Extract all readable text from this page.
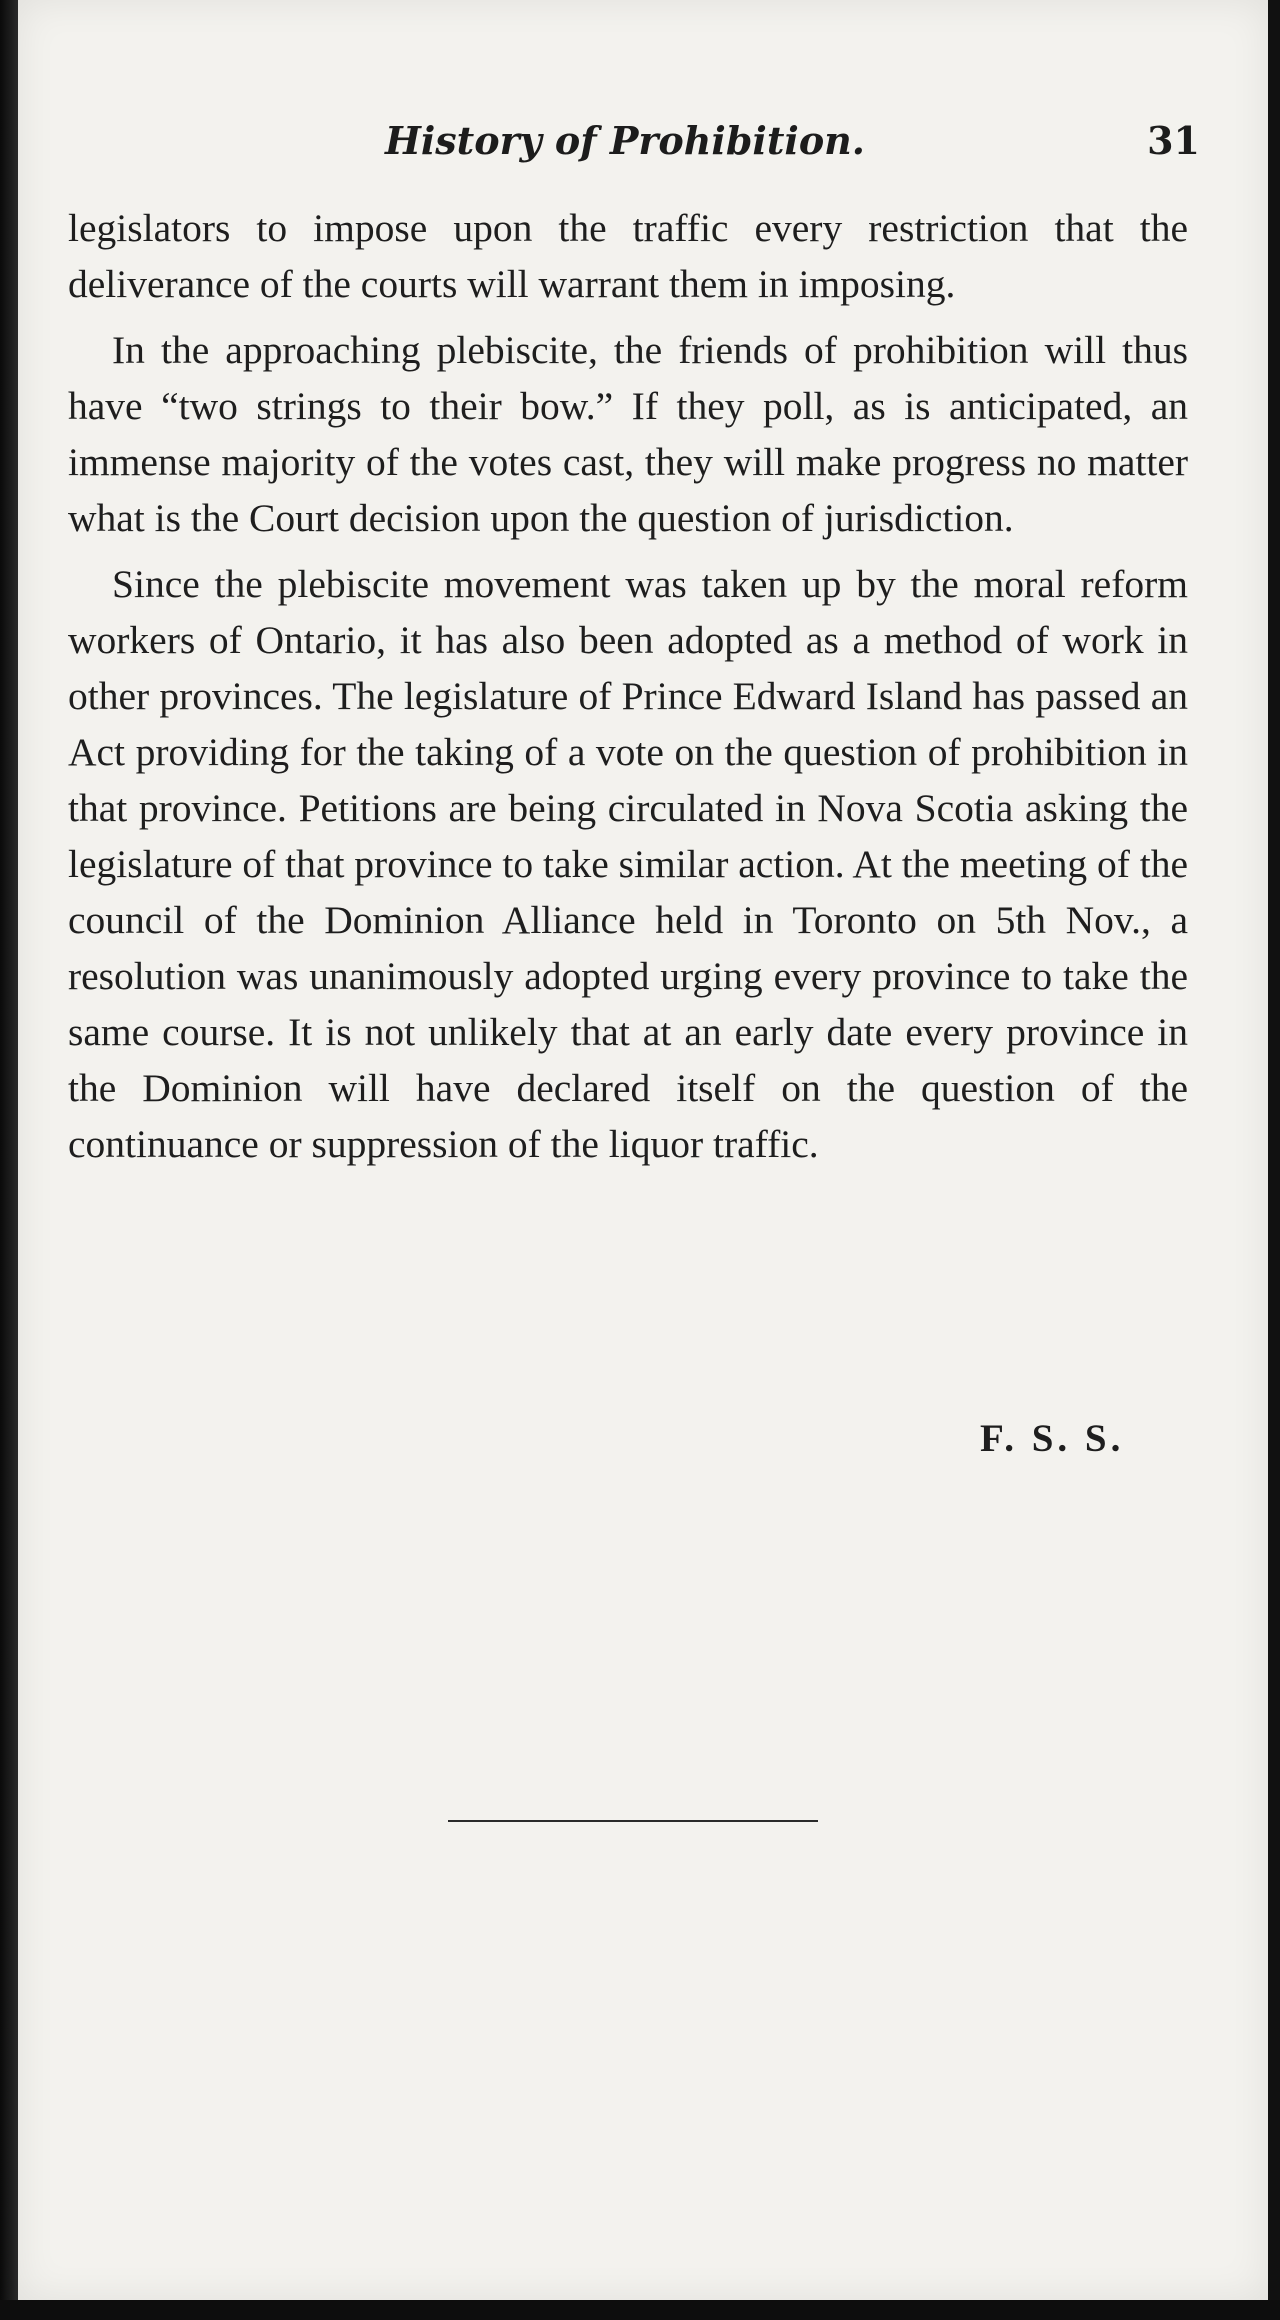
History of Prohibition.	31

legislators to impose upon the traffic every restriction that the deliverance of the courts will warrant them in imposing.

In the approaching plebiscite, the friends of prohibition will thus have “two strings to their bow.” If they poll, as is anticipated, an immense majority of the votes cast, they will make progress no matter what is the Court decision upon the question of jurisdiction.

Since the plebiscite movement was taken up by the moral reform workers of Ontario, it has also been adopted as a method of work in other provinces. The legislature of Prince Edward Island has passed an Act providing for the taking of a vote on the question of prohibition in that province. Petitions are being circulated in Nova Scotia asking the legislature of that province to take similar action. At the meeting of the council of the Dominion Alliance held in Toronto on 5th Nov., a resolution was unanimously adopted urging every province to take the same course. It is not unlikely that at an early date every province in the Dominion will have declared itself on the question of the continuance or suppression of the liquor traffic.

F. S. S.
